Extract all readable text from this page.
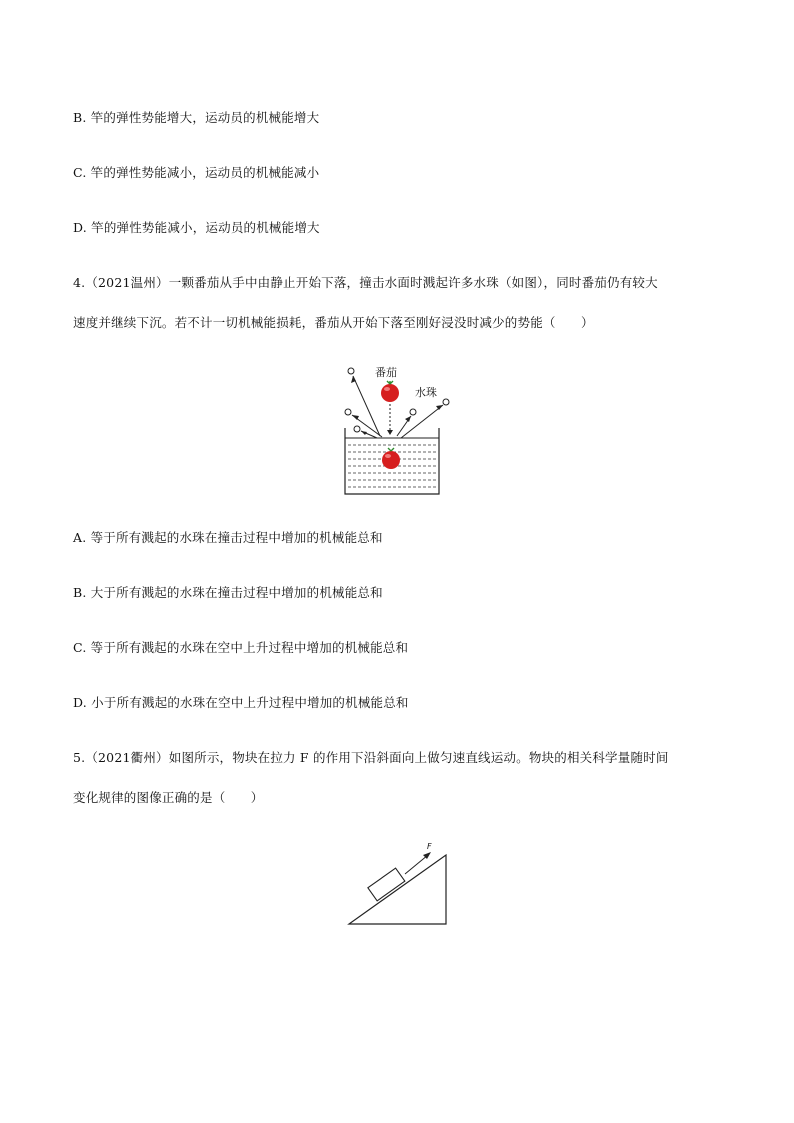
B. 竿的弹性势能增大，运动员的机械能增大
C. 竿的弹性势能减小，运动员的机械能减小
D. 竿的弹性势能减小，运动员的机械能增大
4.（2021温州）一颗番茄从手中由静止开始下落，撞击水面时溅起许多水珠（如图），同时番茄仍有较大
速度并继续下沉。若不计一切机械能损耗，番茄从开始下落至刚好浸没时减少的势能（　　）
番茄
水珠
A. 等于所有溅起的水珠在撞击过程中增加的机械能总和
B. 大于所有溅起的水珠在撞击过程中增加的机械能总和
C. 等于所有溅起的水珠在空中上升过程中增加的机械能总和
D. 小于所有溅起的水珠在空中上升过程中增加的机械能总和
5.（2021衢州）如图所示，物块在拉力 F 的作用下沿斜面向上做匀速直线运动。物块的相关科学量随时间
变化规律的图像正确的是（　　）
F
